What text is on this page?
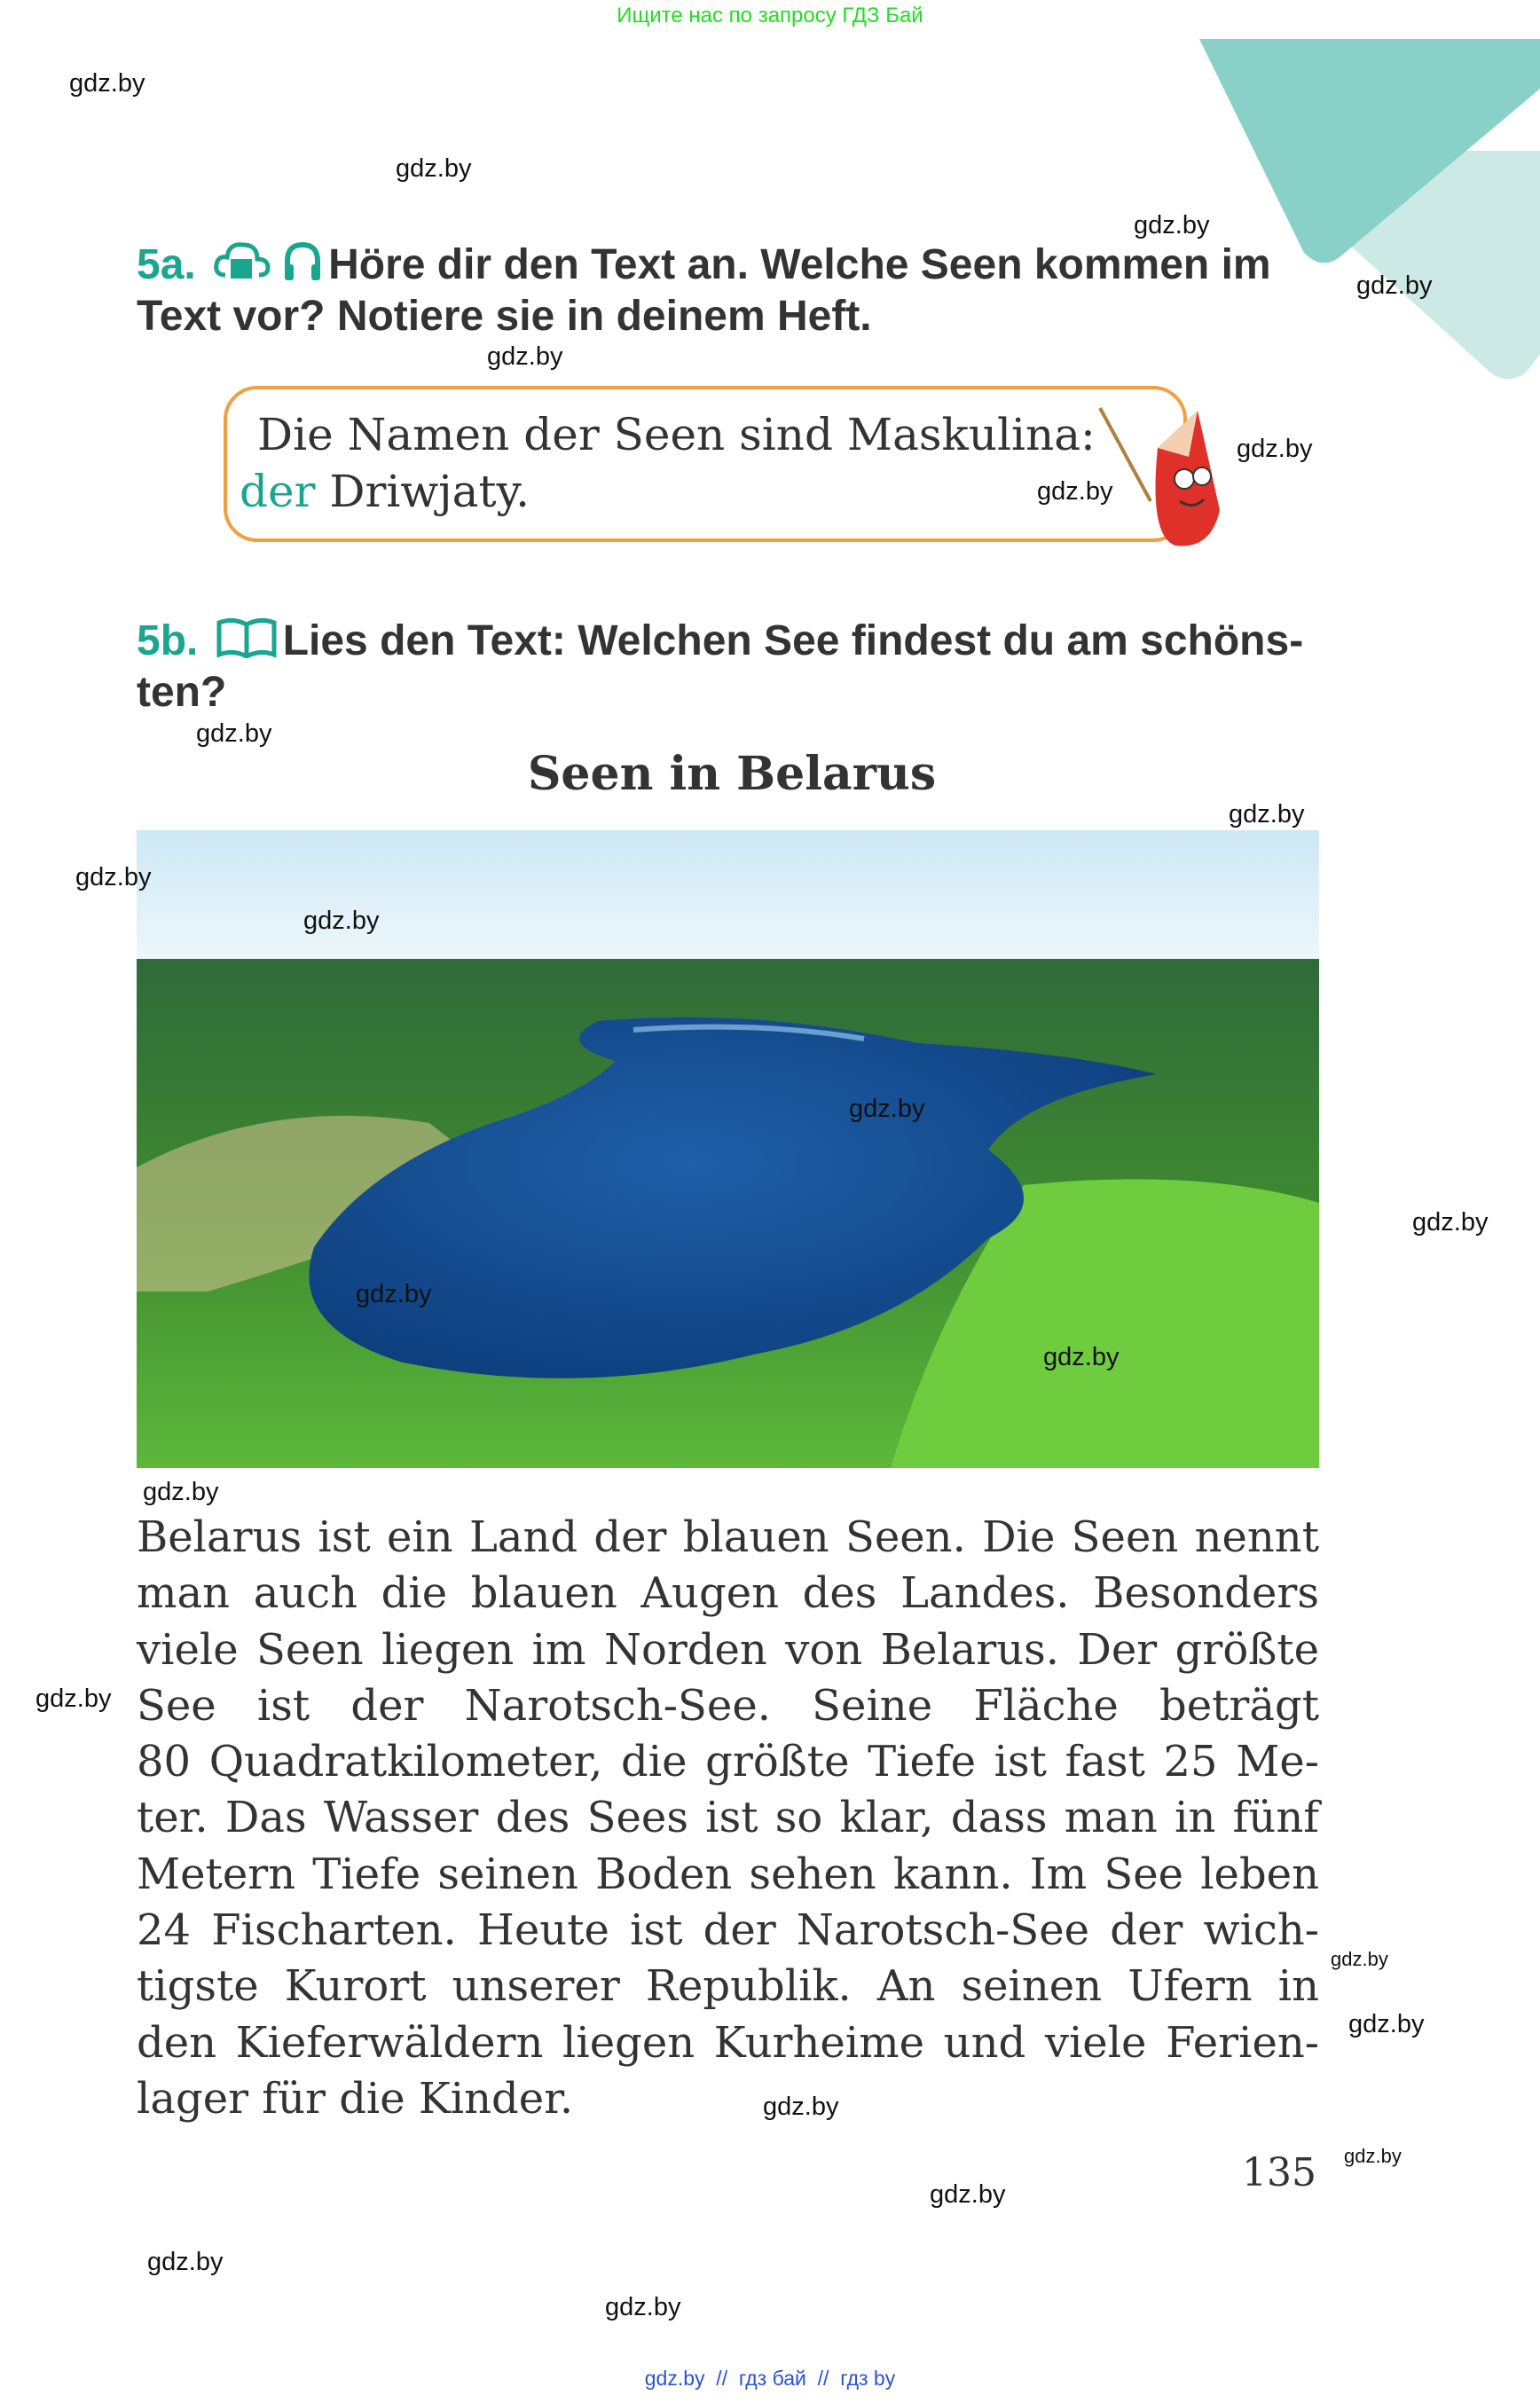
Ищите нас по запросу ГДЗ Бай
5a.	Höre dir den Text an. Welche Seen kommen im
Text vor? Notiere sie in deinem Heft.
Die Namen der Seen sind Maskulina:
der Driwjaty.
5b. Lies den Text: Welchen See findest du am schöns-
ten?
Seen in Belarus
Belarus ist ein Land der blauen Seen. Die Seen nennt
man auch die blauen Augen des Landes. Besonders
viele Seen liegen im Norden von Belarus. Der größte
See ist der Narotsch-See. Seine Fläche beträgt
80 Quadratkilometer, die größte Tiefe ist fast 25 Me-
ter. Das Wasser des Sees ist so klar, dass man in fünf
Metern Tiefe seinen Boden sehen kann. Im See leben
24 Fischarten. Heute ist der Narotsch-See der wich-
tigste Kurort unserer Republik. An seinen Ufern in
den Kieferwäldern liegen Kurheime und viele Ferien-
lager für die Kinder.
135
gdz.by
gdz.by
gdz.by
gdz.by
gdz.by
gdz.by
gdz.by
gdz.by
gdz.by
gdz.by
gdz.by
gdz.by
gdz.by
gdz.by
gdz.by
gdz.by
gdz.by
gdz.by
gdz.by
gdz.by
gdz.by
gdz.by
gdz.by
gdz.by
gdz.by  //  гдз бай  //  гдз by
